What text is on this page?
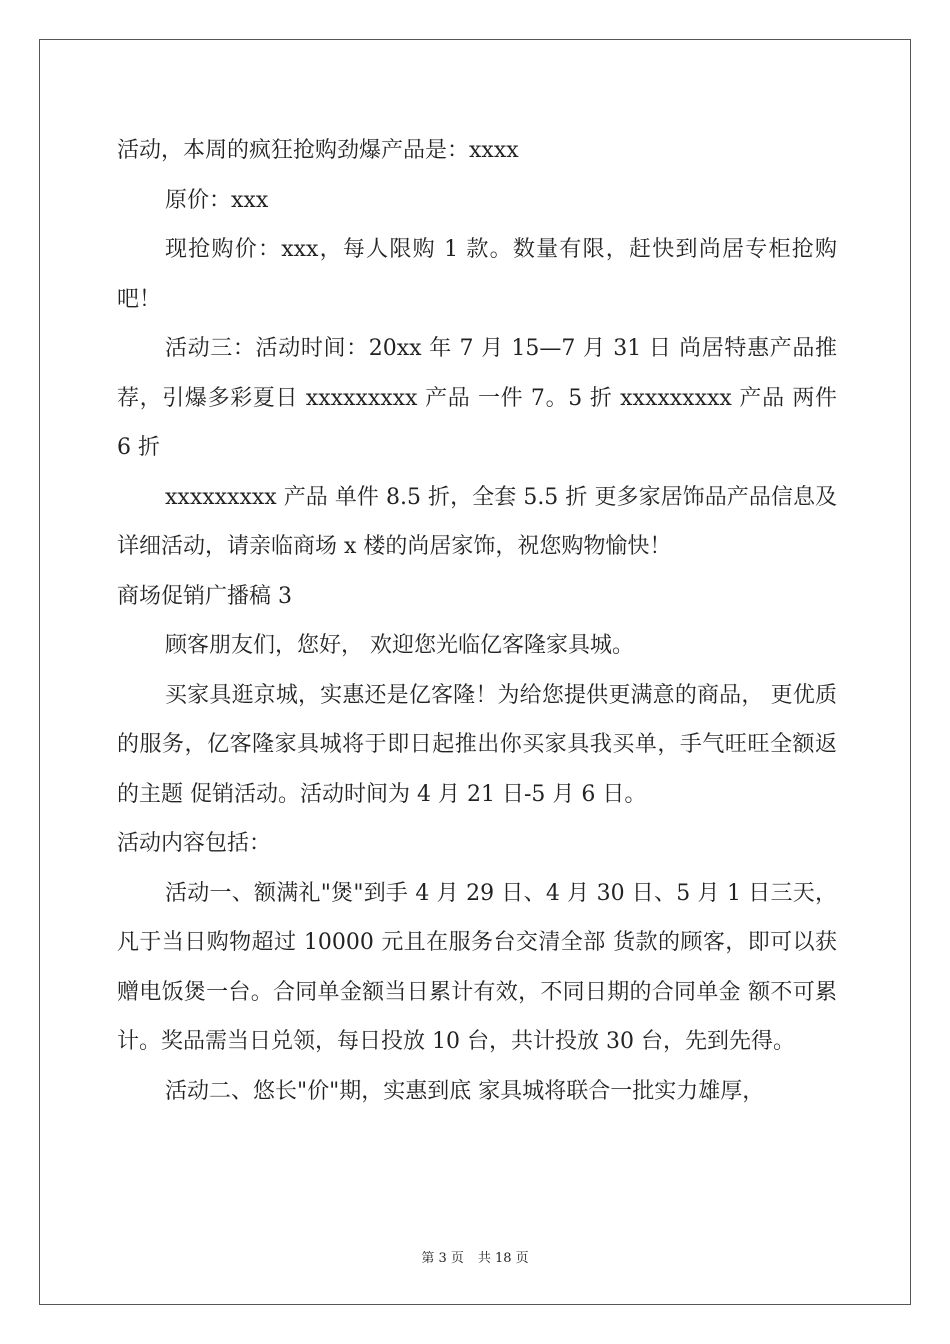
活动，本周的疯狂抢购劲爆产品是：xxxx

原价：xxx

现抢购价：xxx，每人限购 1 款。数量有限，赶快到尚居专柜抢购吧！

活动三：活动时间：20xx 年 7 月 15—7 月 31 日 尚居特惠产品推荐，引爆多彩夏日 xxxxxxxxx 产品 一件 7。5 折 xxxxxxxxx 产品 两件 6 折

xxxxxxxxx 产品 单件 8.5 折，全套 5.5 折 更多家居饰品产品信息及详细活动，请亲临商场 x 楼的尚居家饰，祝您购物愉快！

商场促销广播稿 3

顾客朋友们，您好， 欢迎您光临亿客隆家具城。

买家具逛京城，实惠还是亿客隆！为给您提供更满意的商品， 更优质的服务，亿客隆家具城将于即日起推出你买家具我买单，手气旺旺全额返的主题 促销活动。活动时间为 4 月 21 日-5 月 6 日。

活动内容包括：

活动一、额满礼"煲"到手 4 月 29 日、4 月 30 日、5 月 1 日三天，凡于当日购物超过 10000 元且在服务台交清全部 货款的顾客，即可以获赠电饭煲一台。合同单金额当日累计有效，不同日期的合同单金 额不可累计。奖品需当日兑领，每日投放 10 台，共计投放 30 台，先到先得。

活动二、悠长"价"期，实惠到底 家具城将联合一批实力雄厚，

第 3 页 共 18 页
